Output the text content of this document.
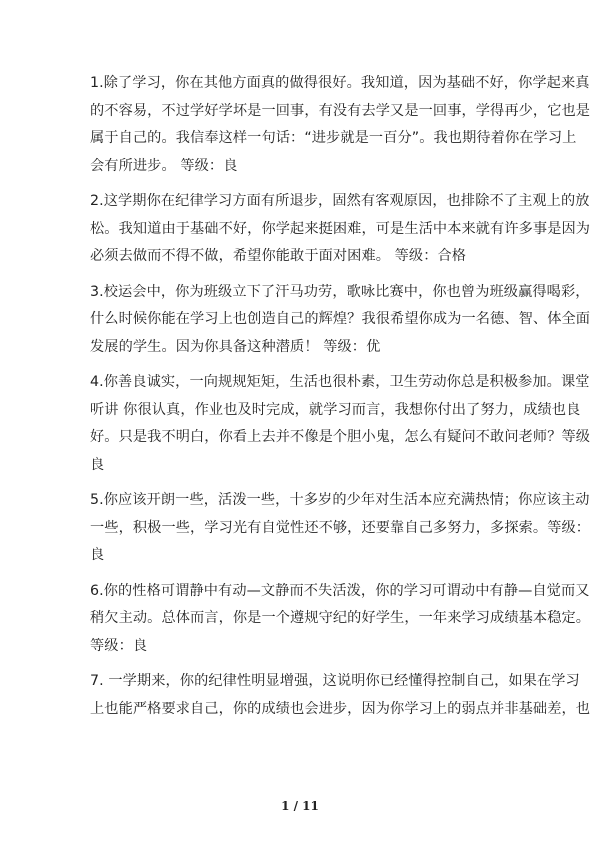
1.除了学习，你在其他方面真的做得很好。我知道，因为基础不好，你学起来真
的不容易，不过学好学坏是一回事，有没有去学又是一回事，学得再少，它也是
属于自己的。我信奉这样一句话：“进步就是一百分”。我也期待着你在学习上
会有所进步。 等级：良

2.这学期你在纪律学习方面有所退步，固然有客观原因，也排除不了主观上的放
松。我知道由于基础不好，你学起来挺困难，可是生活中本来就有许多事是因为
必须去做而不得不做，希望你能敢于面对困难。 等级：合格

3.校运会中，你为班级立下了汗马功劳，歌咏比赛中，你也曾为班级赢得喝彩，
什么时候你能在学习上也创造自己的辉煌？我很希望你成为一名德、智、体全面
发展的学生。因为你具备这种潜质！ 等级：优

4.你善良诚实，一向规规矩矩，生活也很朴素，卫生劳动你总是积极参加。课堂
听讲 你很认真，作业也及时完成，就学习而言，我想你付出了努力，成绩也良
好。只是我不明白，你看上去并不像是个胆小鬼，怎么有疑问不敢问老师？等级
良

5.你应该开朗一些，活泼一些，十多岁的少年对生活本应充满热情；你应该主动
一些，积极一些，学习光有自觉性还不够，还要靠自己多努力，多探索。等级：
良

6.你的性格可谓静中有动—文静而不失活泼，你的学习可谓动中有静—自觉而又
稍欠主动。总体而言，你是一个遵规守纪的好学生，一年来学习成绩基本稳定。
等级：良

7. 一学期来，你的纪律性明显增强，这说明你已经懂得控制自己，如果在学习
上也能严格要求自己，你的成绩也会进步，因为你学习上的弱点并非基础差，也

1 / 11
